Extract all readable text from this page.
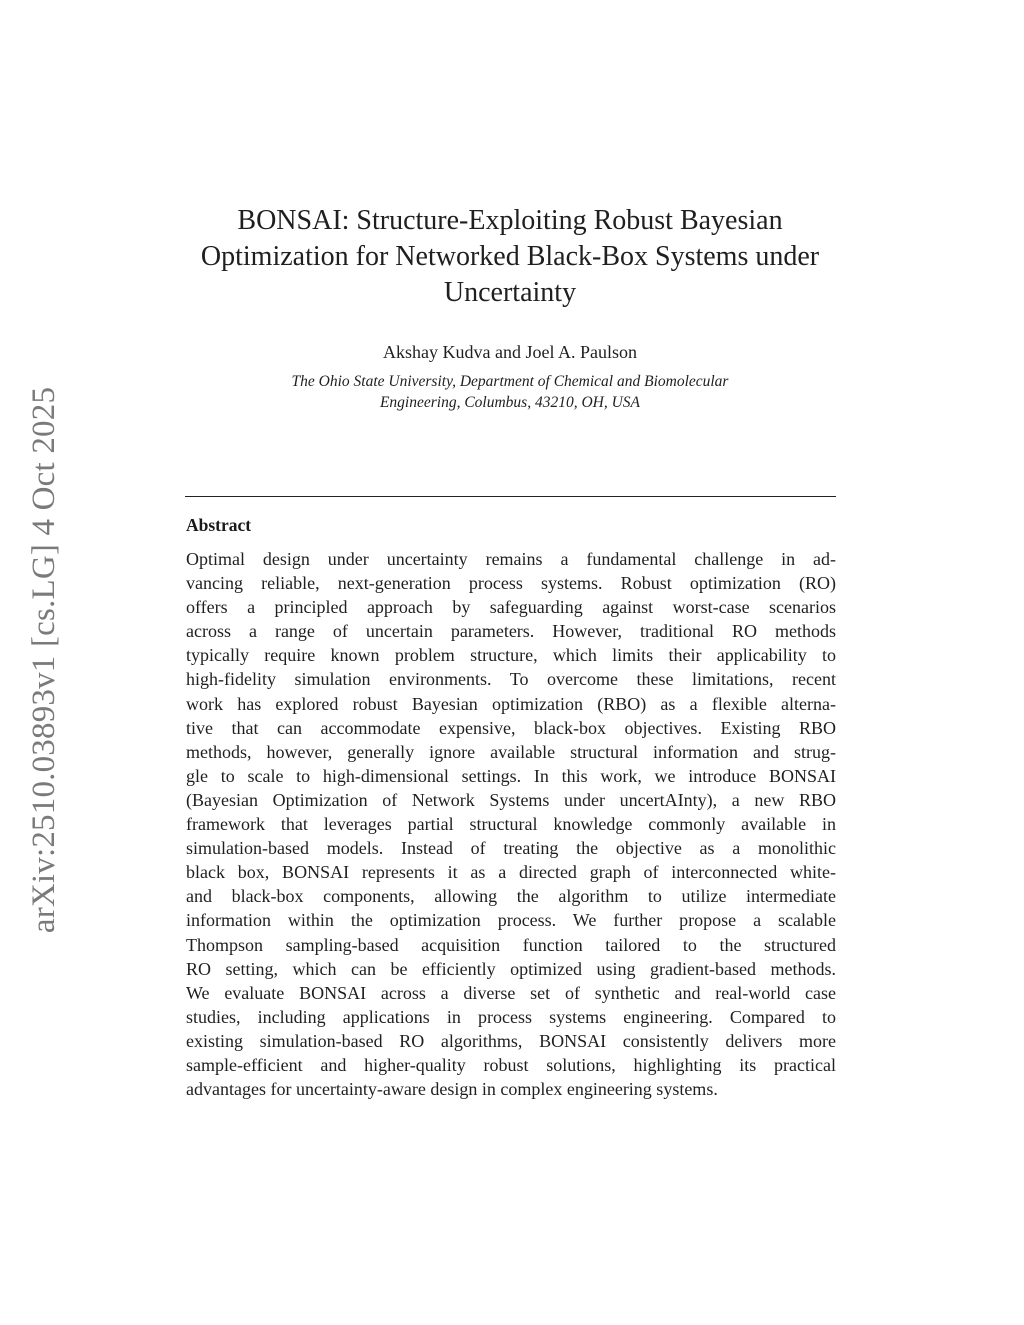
arXiv:2510.03893v1 [cs.LG] 4 Oct 2025
BONSAI: Structure-Exploiting Robust Bayesian
Optimization for Networked Black-Box Systems under
Uncertainty
Akshay Kudva and Joel A. Paulson
The Ohio State University, Department of Chemical and Biomolecular
Engineering, Columbus, 43210, OH, USA
Abstract
Optimal design under uncertainty remains a fundamental challenge in ad-
vancing reliable, next-generation process systems. Robust optimization (RO)
offers a principled approach by safeguarding against worst-case scenarios
across a range of uncertain parameters. However, traditional RO methods
typically require known problem structure, which limits their applicability to
high-fidelity simulation environments. To overcome these limitations, recent
work has explored robust Bayesian optimization (RBO) as a flexible alterna-
tive that can accommodate expensive, black-box objectives. Existing RBO
methods, however, generally ignore available structural information and strug-
gle to scale to high-dimensional settings. In this work, we introduce BONSAI
(Bayesian Optimization of Network Systems under uncertAInty), a new RBO
framework that leverages partial structural knowledge commonly available in
simulation-based models. Instead of treating the objective as a monolithic
black box, BONSAI represents it as a directed graph of interconnected white-
and black-box components, allowing the algorithm to utilize intermediate
information within the optimization process. We further propose a scalable
Thompson sampling-based acquisition function tailored to the structured
RO setting, which can be efficiently optimized using gradient-based methods.
We evaluate BONSAI across a diverse set of synthetic and real-world case
studies, including applications in process systems engineering. Compared to
existing simulation-based RO algorithms, BONSAI consistently delivers more
sample-efficient and higher-quality robust solutions, highlighting its practical
advantages for uncertainty-aware design in complex engineering systems.
